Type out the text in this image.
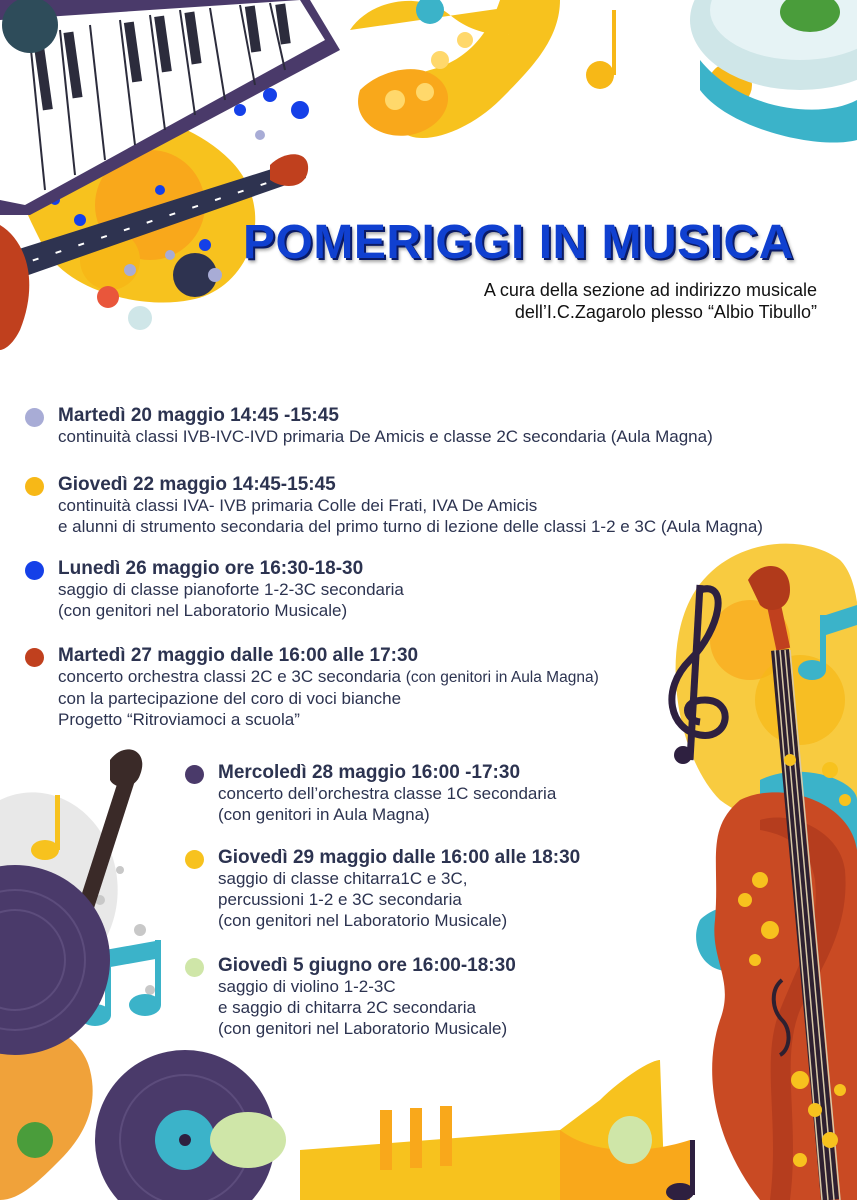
POMERIGGI IN MUSICA
A cura della sezione ad indirizzo musicale
dell’I.C.Zagarolo plesso “Albio Tibullo”
Martedì 20 maggio 14:45 -15:45
continuità classi IVB-IVC-IVD primaria De Amicis e classe 2C secondaria (Aula Magna)
Giovedì 22 maggio 14:45-15:45
continuità classi IVA- IVB primaria Colle dei Frati, IVA De Amicis
e alunni di strumento secondaria del primo turno di lezione delle classi 1-2 e 3C (Aula Magna)
Lunedì 26 maggio ore 16:30-18-30
saggio di classe pianoforte 1-2-3C secondaria
(con genitori nel Laboratorio Musicale)
Martedì 27 maggio dalle 16:00 alle 17:30
concerto orchestra classi 2C e 3C secondaria (con genitori in Aula Magna)
con la partecipazione del coro di voci bianche
Progetto “Ritroviamoci a scuola”
Mercoledì 28 maggio 16:00 -17:30
concerto dell’orchestra classe 1C secondaria
(con genitori in Aula Magna)
Giovedì 29 maggio dalle 16:00 alle 18:30
saggio di classe chitarra1C e 3C,
percussioni 1-2 e 3C secondaria
(con genitori nel Laboratorio Musicale)
Giovedì 5 giugno ore 16:00-18:30
saggio di violino 1-2-3C
e saggio di chitarra 2C secondaria
(con genitori nel Laboratorio Musicale)
